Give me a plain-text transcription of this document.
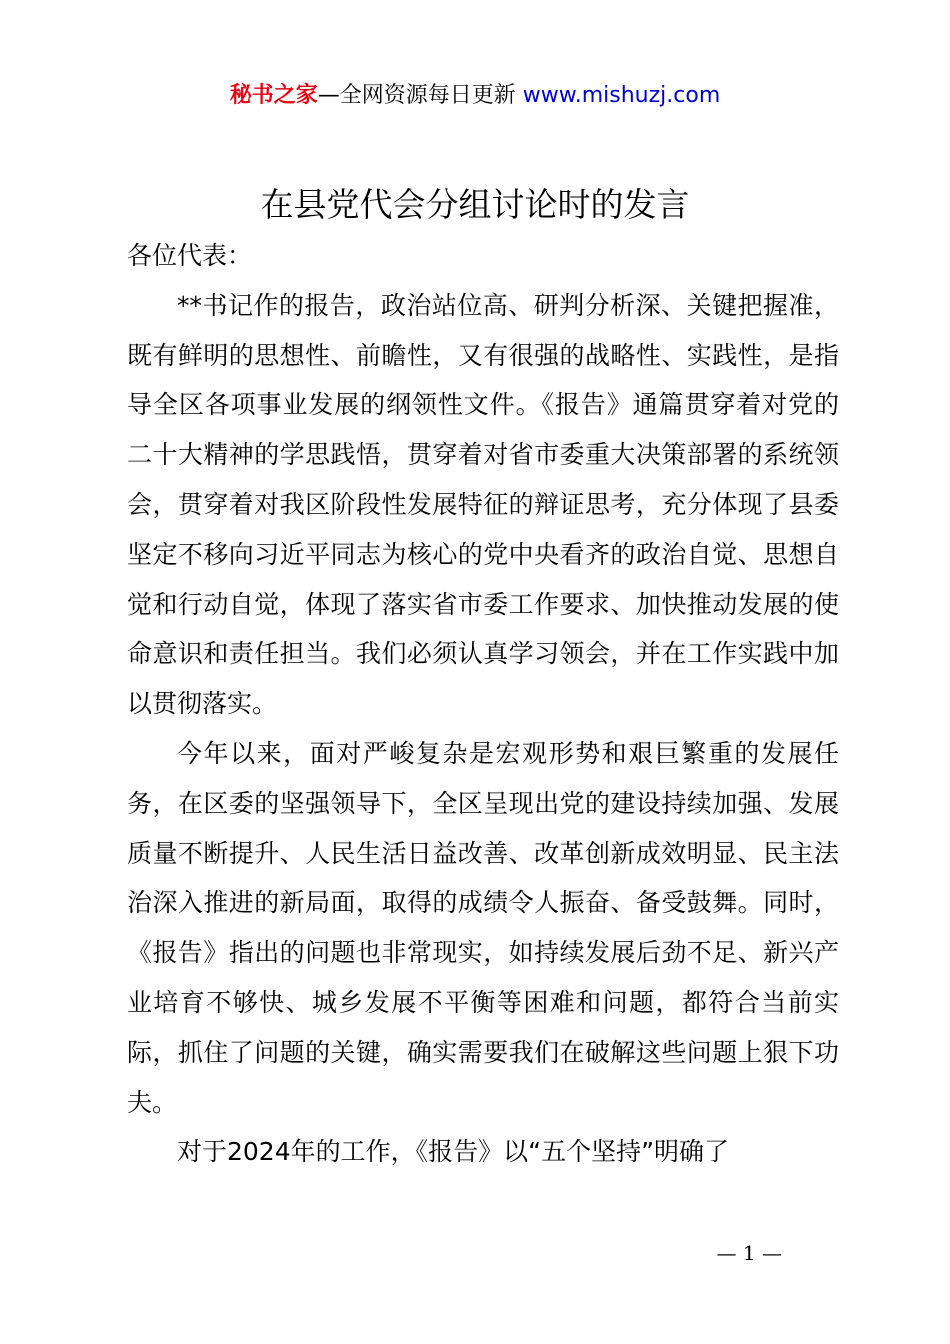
秘书之家—全网资源每日更新 www.mishuzj.com
在县党代会分组讨论时的发言

各位代表：

**书记作的报告，政治站位高、研判分析深、关键把握准，既有鲜明的思想性、前瞻性，又有很强的战略性、实践性，是指导全区各项事业发展的纲领性文件。《报告》通篇贯穿着对党的二十大精神的学思践悟，贯穿着对省市委重大决策部署的系统领会，贯穿着对我区阶段性发展特征的辩证思考，充分体现了县委坚定不移向习近平同志为核心的党中央看齐的政治自觉、思想自觉和行动自觉，体现了落实省市委工作要求、加快推动发展的使命意识和责任担当。我们必须认真学习领会，并在工作实践中加以贯彻落实。

今年以来，面对严峻复杂是宏观形势和艰巨繁重的发展任务，在区委的坚强领导下，全区呈现出党的建设持续加强、发展质量不断提升、人民生活日益改善、改革创新成效明显、民主法治深入推进的新局面，取得的成绩令人振奋、备受鼓舞。同时，《报告》指出的问题也非常现实，如持续发展后劲不足、新兴产业培育不够快、城乡发展不平衡等困难和问题，都符合当前实际，抓住了问题的关键，确实需要我们在破解这些问题上狠下功夫。

对于2024年的工作，《报告》以“五个坚持”明确了

— 1 —
